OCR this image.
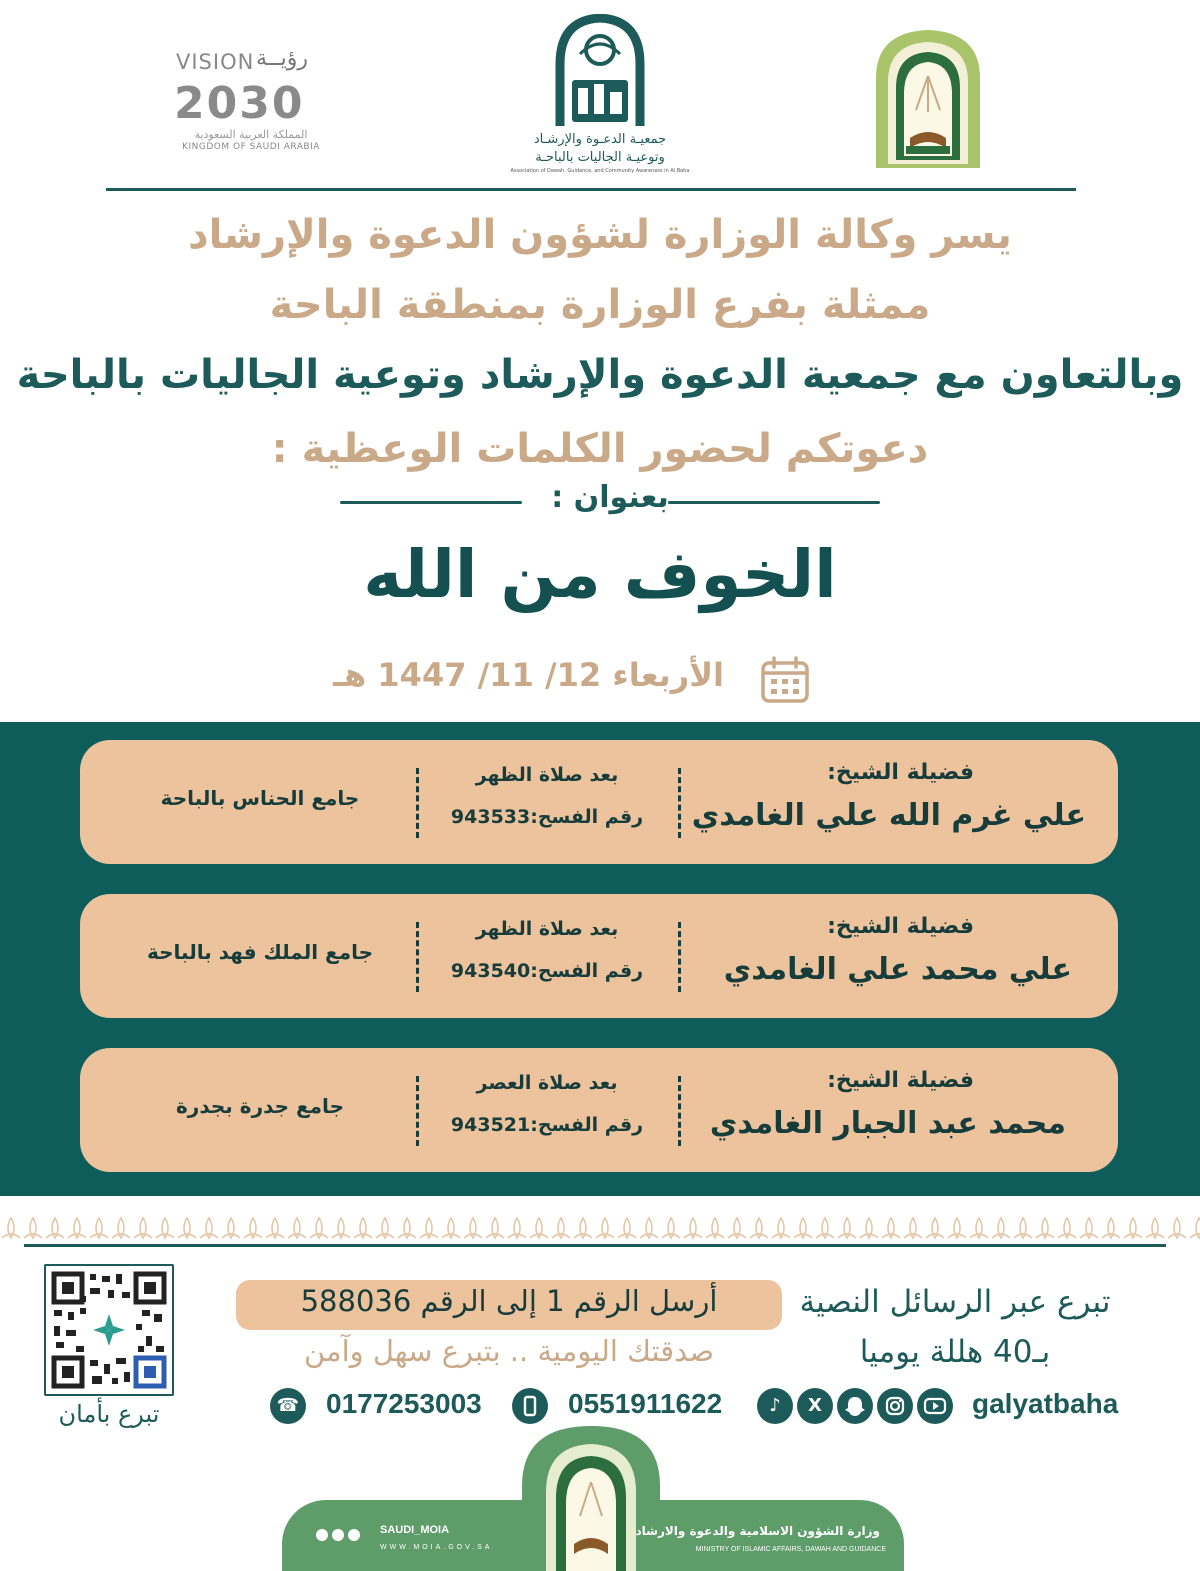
VISION رؤيــة
2030
المملكة العربية السعودية
KINGDOM OF SAUDI ARABIA	جمعيـة الدعـوة والإرشـاد
وتوعيـة الجاليات بالباحـة
Association of Dawah, Guidance, and Community Awareness in Al Baha
يسر وكالة الوزارة لشؤون الدعوة والإرشاد
ممثلة بفرع الوزارة بمنطقة الباحة
وبالتعاون مع جمعية الدعوة والإرشاد وتوعية الجاليات بالباحة
دعوتكم لحضور الكلمات الوعظية :
بعنوان :
الخوف من الله
الأربعاء 12/ 11/ 1447 هـ
فضيلة الشيخ:
علي غرم الله علي الغامدي
بعد صلاة الظهر
رقم الفسح:943533
جامع الحناس بالباحة
فضيلة الشيخ:
علي محمد علي الغامدي
بعد صلاة الظهر
رقم الفسح:943540
جامع الملك فهد بالباحة
فضيلة الشيخ:
محمد عبد الجبار الغامدي
بعد صلاة العصر
رقم الفسح:943521
جامع جدرة بجدرة
تبرع بأمان
أرسل الرقم 1 إلى الرقم 588036
صدقتك اليومية .. بتبرع سهل وآمن
تبرع عبر الرسائل النصية
بـ40 هللة يوميا
☎ 0177253003	0551911622	♪	X	galyatbaha
SAUDI_MOIA
WWW.MOIA.GOV.SA
وزارة الشؤون الاسلامية والدعوة والارشاد
MINISTRY OF ISLAMIC AFFAIRS, DAWAH AND GUIDANCE
